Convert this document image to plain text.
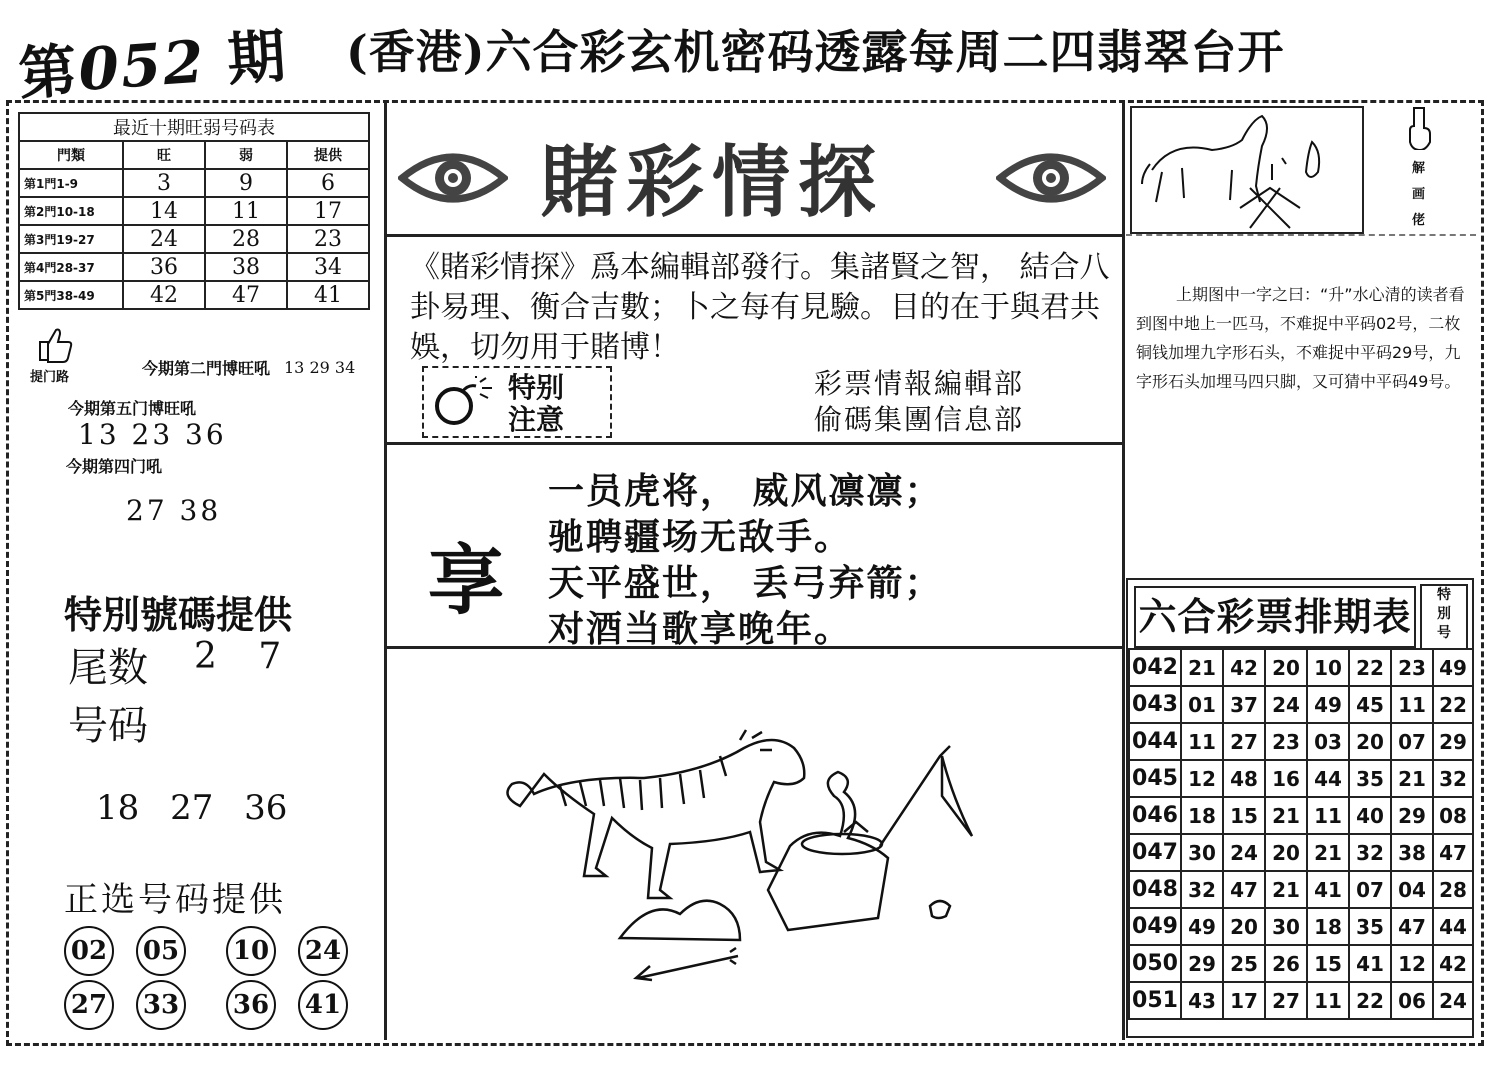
第052 期 (香港)六合彩玄机密码透露每周二四翡翠台开
最近十期旺弱号码表			
門類	旺	弱	提供
第1門1-9	3	9	6
第2門10-18	14	11	17
第3門19-27	24	28	23
第4門28-37	36	38	34
第5門38-49	42	47	41
提门路	今期第二門博旺吼 13 29 34
今期第五门博旺吼
13 23 36
今期第四门吼
27 38
特別號碼提供
尾数 2 7
号码
18 27 36
正选号码提供
02 05 10 24
27 33 36 41
賭彩情探
《賭彩情探》爲本編輯部發行。集諸賢之智， 結合八卦易理、衡合吉數；卜之每有見驗。目的在于與君共娛，切勿用于賭博！
特别
注意
彩票情報編輯部
偷碼集團信息部
享
一员虎将， 威风凛凛；
驰聘疆场无敌手。
天平盛世， 丢弓弃箭；
对酒当歌享晚年。
解
画
佬
上期图中一字之曰：“升”水心清的读者看到图中地上一匹马，不难捉中平码02号，二枚铜钱加埋九字形石头，不难捉中平码29号，九字形石头加埋马四只脚，又可猜中平码49号。
六合彩票排期表	特
別
号
042	21	42	20	10	22	23	49
043	01	37	24	49	45	11	22
044	11	27	23	03	20	07	29
045	12	48	16	44	35	21	32
046	18	15	21	11	40	29	08
047	30	24	20	21	32	38	47
048	32	47	21	41	07	04	28
049	49	20	30	18	35	47	44
050	29	25	26	15	41	12	42
051	43	17	27	11	22	06	24
